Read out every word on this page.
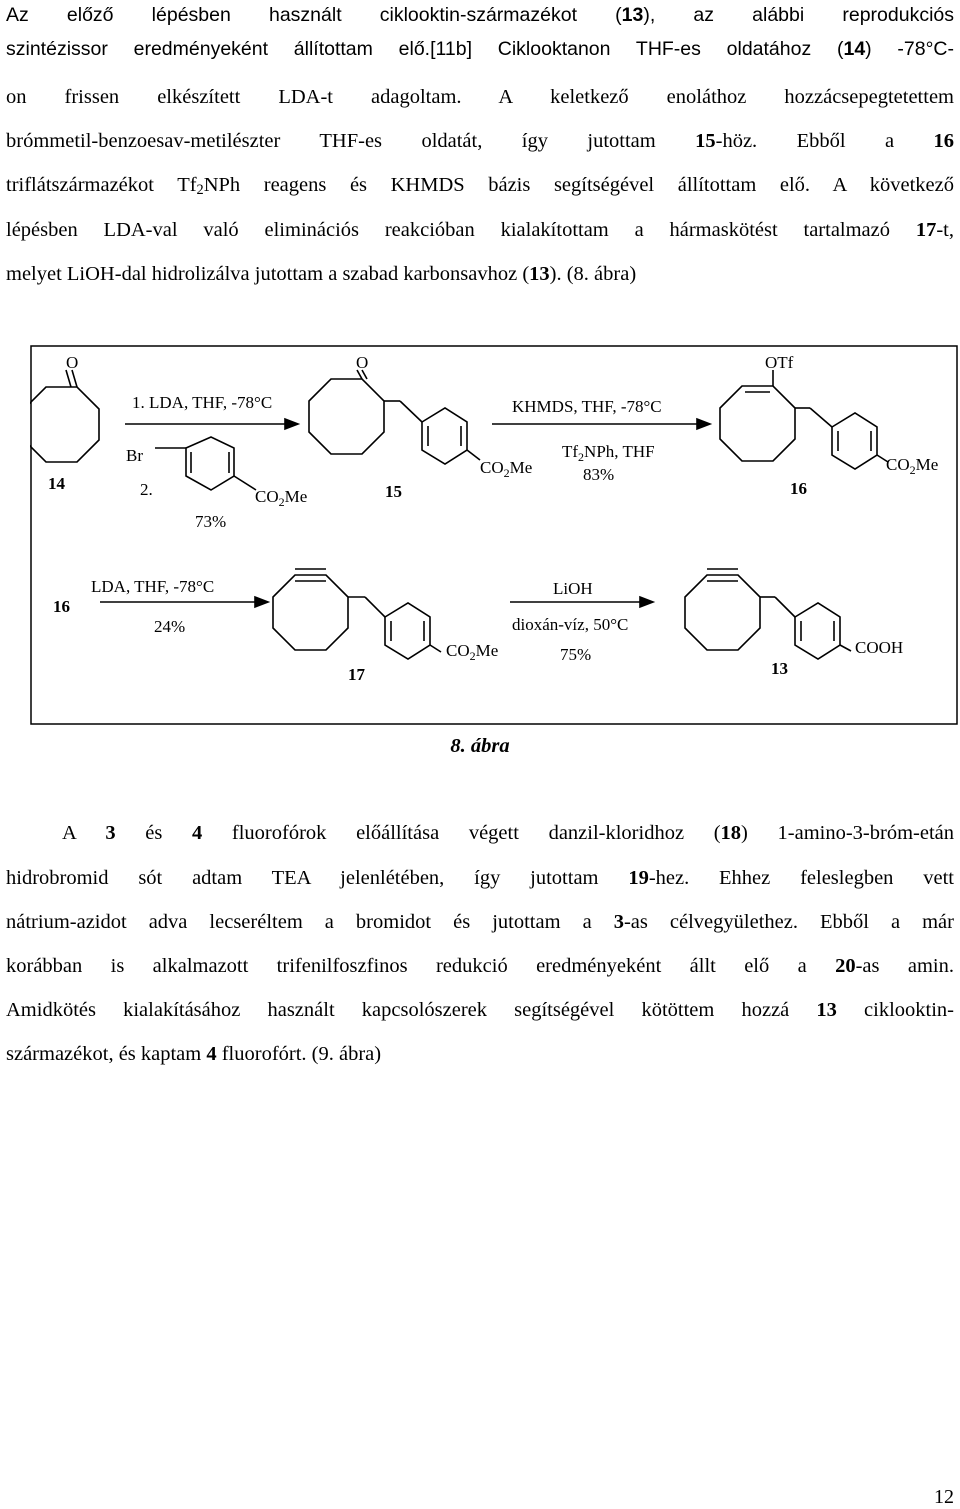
Az előző lépésben használt ciklooktin-származékot (13), az alábbi reprodukciós
szintézissor eredményeként állítottam elő.[11b] Ciklooktanon THF-es oldatához (14) -78°C-
on frissen elkészített LDA-t adagoltam. A keletkező enoláthoz hozzácsepegtetettem
brómmetil-benzoesav-metilészter THF-es oldatát, így jutottam 15-höz. Ebből a 16
triflátszármazékot $Tf_2NPh$ reagens és KHMDS bázis segítségével állítottam elő. A következő
lépésben LDA-val való eliminációs reakcióban kialakítottam a hármaskötést tartalmazó 17-t,
melyet LiOH-dal hidrolizálva jutottam a szabad karbonsavhoz (13). (8. ábra)
O	O	OTf
1. LDA, THF, -78°C
Br
2.
73%
$CO_2Me$
$CO_2Me$
KHMDS, THF, -78°C
$Tf_2NPh$, THF
83%
$CO_2Me$
LDA, THF, -78°C
24%
$CO_2Me$
LiOH
dioxán-víz, 50°C
75%	COOH
14	15	16
16
17	13
8. ábra
A 3 és 4 fluorofórok előállítása végett danzil-kloridhoz (18) 1-amino-3-bróm-etán
hidrobromid sót adtam TEA jelenlétében, így jutottam 19-hez. Ehhez feleslegben vett
nátrium-azidot adva lecseréltem a bromidot és jutottam a 3-as célvegyülethez. Ebből a már
korábban is alkalmazott trifenilfoszfinos redukció eredményeként állt elő a 20-as amin.
Amidkötés kialakításához használt kapcsolószerek segítségével kötöttem hozzá 13 ciklooktin-
származékot, és kaptam 4 fluorofórt. (9. ábra)
12
